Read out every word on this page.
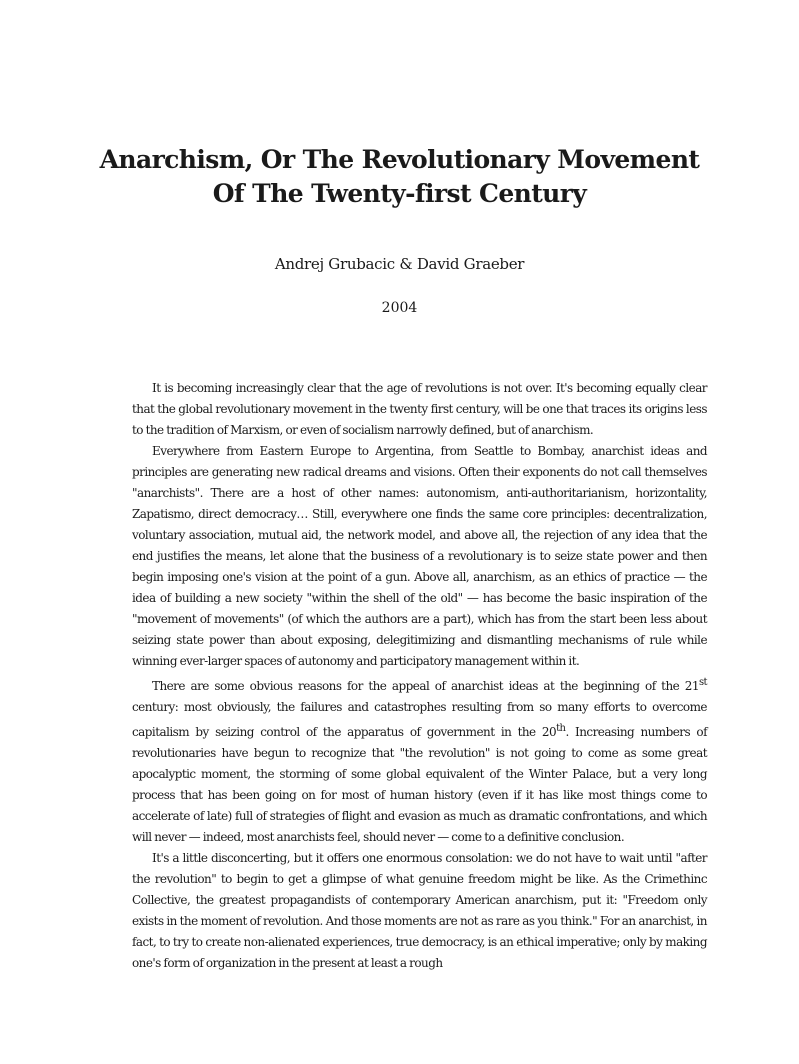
Anarchism, Or The Revolutionary Movement
Of The Twenty-first Century
Andrej Grubacic & David Graeber
2004

It is becoming increasingly clear that the age of revolutions is not over. It's becoming equally clear that the global revolutionary movement in the twenty first century, will be one that traces its origins less to the tradition of Marxism, or even of socialism narrowly defined, but of anarchism.

Everywhere from Eastern Europe to Argentina, from Seattle to Bombay, anarchist ideas and principles are generating new radical dreams and visions. Often their exponents do not call themselves "anarchists". There are a host of other names: autonomism, anti-authoritarianism, horizontality, Zapatismo, direct democracy… Still, everywhere one finds the same core principles: decentralization, voluntary association, mutual aid, the network model, and above all, the rejection of any idea that the end justifies the means, let alone that the business of a revolutionary is to seize state power and then begin imposing one's vision at the point of a gun. Above all, anarchism, as an ethics of practice — the idea of building a new society "within the shell of the old" — has become the basic inspiration of the "movement of movements" (of which the authors are a part), which has from the start been less about seizing state power than about exposing, delegitimizing and dismantling mechanisms of rule while winning ever-larger spaces of autonomy and participatory management within it.

There are some obvious reasons for the appeal of anarchist ideas at the beginning of the 21st century: most obviously, the failures and catastrophes resulting from so many efforts to overcome capitalism by seizing control of the apparatus of government in the 20th. Increasing numbers of revolutionaries have begun to recognize that "the revolution" is not going to come as some great apocalyptic moment, the storming of some global equivalent of the Winter Palace, but a very long process that has been going on for most of human history (even if it has like most things come to accelerate of late) full of strategies of flight and evasion as much as dramatic confrontations, and which will never — indeed, most anarchists feel, should never — come to a definitive conclusion.

It's a little disconcerting, but it offers one enormous consolation: we do not have to wait until "after the revolution" to begin to get a glimpse of what genuine freedom might be like. As the Crimethinc Collective, the greatest propagandists of contemporary American anarchism, put it: "Freedom only exists in the moment of revolution. And those moments are not as rare as you think." For an anarchist, in fact, to try to create non-alienated experiences, true democracy, is an ethical imperative; only by making one's form of organization in the present at least a rough
